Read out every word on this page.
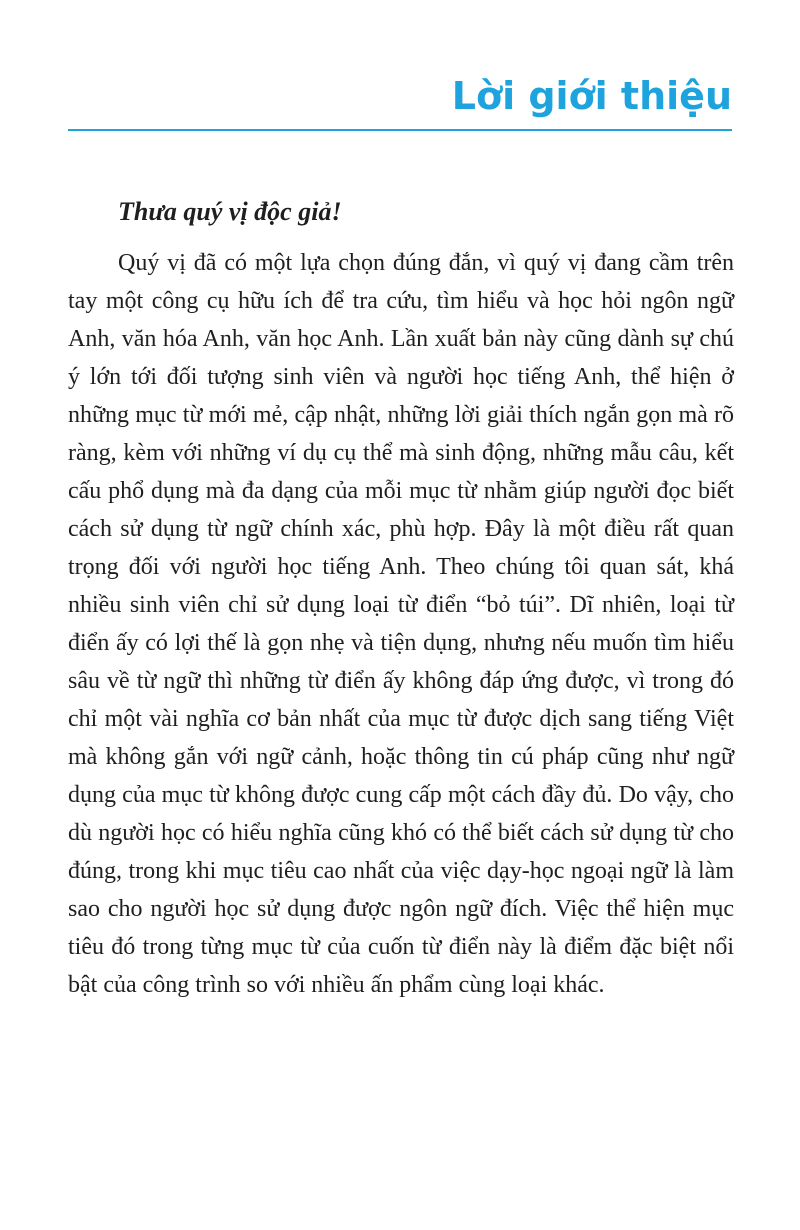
Lời giới thiệu

Thưa quý vị độc giả!

Quý vị đã có một lựa chọn đúng đắn, vì quý vị đang cầm trên tay một công cụ hữu ích để tra cứu, tìm hiểu và học hỏi ngôn ngữ Anh, văn hóa Anh, văn học Anh. Lần xuất bản này cũng dành sự chú ý lớn tới đối tượng sinh viên và người học tiếng Anh, thể hiện ở những mục từ mới mẻ, cập nhật, những lời giải thích ngắn gọn mà rõ ràng, kèm với những ví dụ cụ thể mà sinh động, những mẫu câu, kết cấu phổ dụng mà đa dạng của mỗi mục từ nhằm giúp người đọc biết cách sử dụng từ ngữ chính xác, phù hợp. Đây là một điều rất quan trọng đối với người học tiếng Anh. Theo chúng tôi quan sát, khá nhiều sinh viên chỉ sử dụng loại từ điển “bỏ túi”. Dĩ nhiên, loại từ điển ấy có lợi thế là gọn nhẹ và tiện dụng, nhưng nếu muốn tìm hiểu sâu về từ ngữ thì những từ điển ấy không đáp ứng được, vì trong đó chỉ một vài nghĩa cơ bản nhất của mục từ được dịch sang tiếng Việt mà không gắn với ngữ cảnh, hoặc thông tin cú pháp cũng như ngữ dụng của mục từ không được cung cấp một cách đầy đủ. Do vậy, cho dù người học có hiểu nghĩa cũng khó có thể biết cách sử dụng từ cho đúng, trong khi mục tiêu cao nhất của việc dạy-học ngoại ngữ là làm sao cho người học sử dụng được ngôn ngữ đích. Việc thể hiện mục tiêu đó trong từng mục từ của cuốn từ điển này là điểm đặc biệt nổi bật của công trình so với nhiều ấn phẩm cùng loại khác.
